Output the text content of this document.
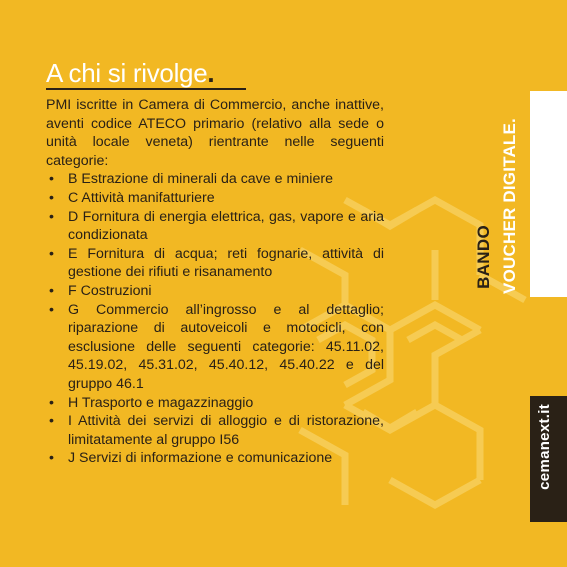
A chi si rivolge.

PMI iscritte in Camera di Commercio, anche inattive, aventi codice ATECO primario (relativo alla sede o unità locale veneta) rientrante nelle seguenti categorie:

• B Estrazione di minerali da cave e miniere
• C Attività manifatturiere
• D Fornitura di energia elettrica, gas, vapore e aria condizionata
• E Fornitura di acqua; reti fognarie, attività di gestione dei rifiuti e risanamento
• F Costruzioni
• G Commercio all’ingrosso e al dettaglio; riparazione di autoveicoli e motocicli, con esclusione delle seguenti categorie: 45.11.02, 45.19.02, 45.31.02, 45.40.12, 45.40.22 e del gruppo 46.1
• H Trasporto e magazzinaggio
• I Attività dei servizi di alloggio e di ristorazione, limitatamente al gruppo I56
• J Servizi di informazione e comunicazione
BANDO VOUCHER DIGITALE.
cemanext.it
